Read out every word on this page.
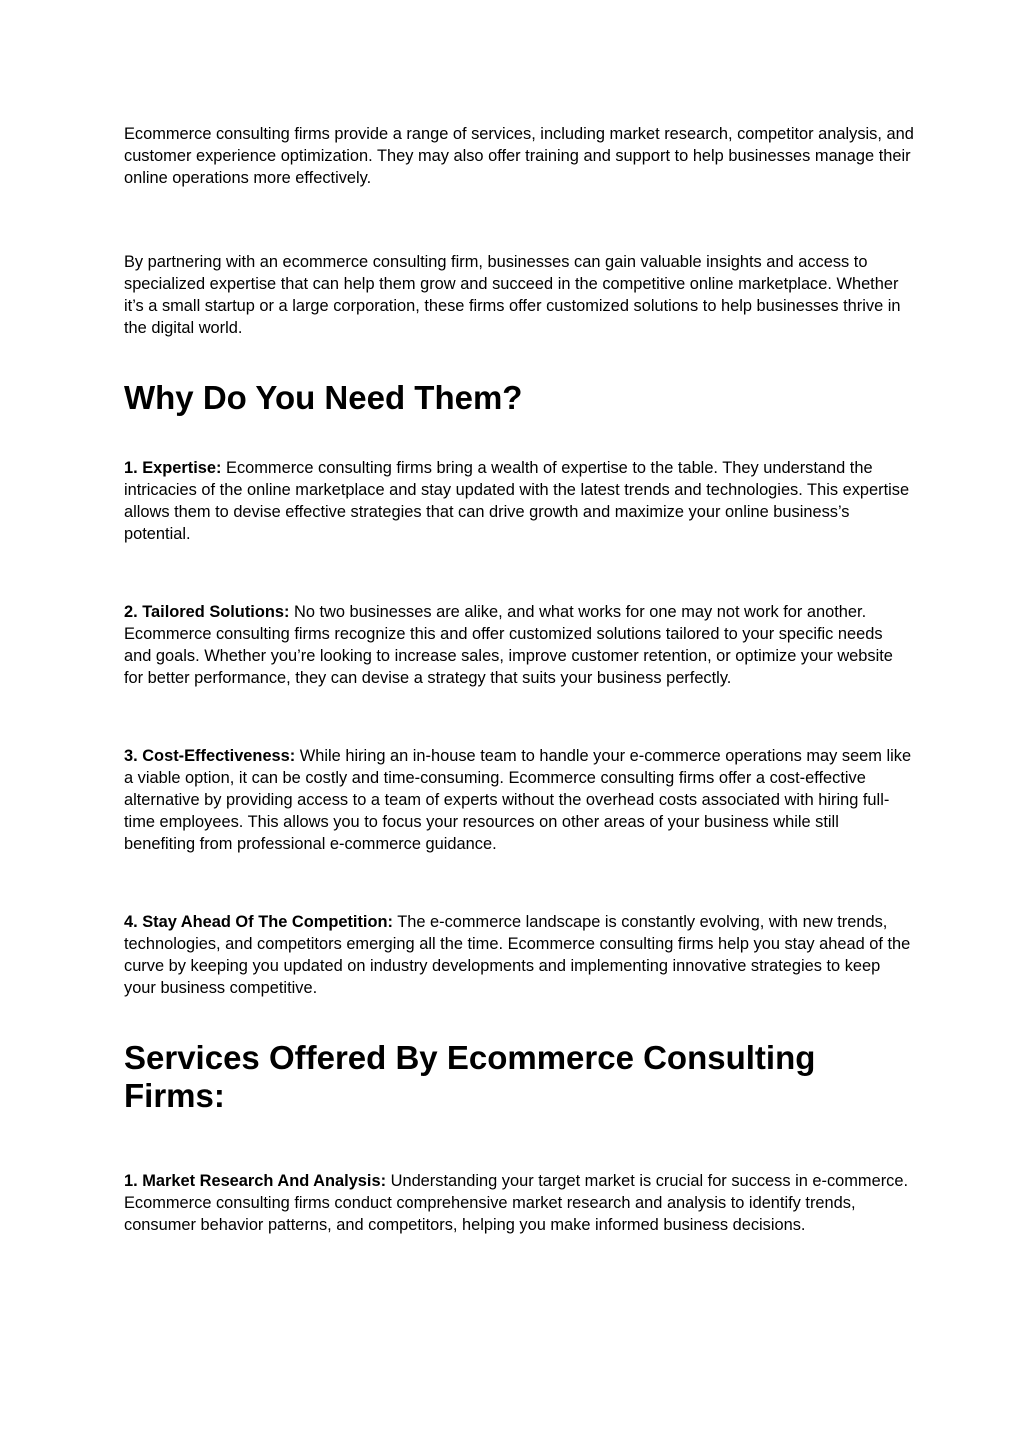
Ecommerce consulting firms provide a range of services, including market research, competitor analysis, and customer experience optimization. They may also offer training and support to help businesses manage their online operations more effectively.

By partnering with an ecommerce consulting firm, businesses can gain valuable insights and access to specialized expertise that can help them grow and succeed in the competitive online marketplace. Whether it’s a small startup or a large corporation, these firms offer customized solutions to help businesses thrive in the digital world.

Why Do You Need Them?

1. Expertise: Ecommerce consulting firms bring a wealth of expertise to the table. They understand the intricacies of the online marketplace and stay updated with the latest trends and technologies. This expertise allows them to devise effective strategies that can drive growth and maximize your online business’s potential.

2. Tailored Solutions: No two businesses are alike, and what works for one may not work for another. Ecommerce consulting firms recognize this and offer customized solutions tailored to your specific needs and goals. Whether you’re looking to increase sales, improve customer retention, or optimize your website for better performance, they can devise a strategy that suits your business perfectly.

3. Cost-Effectiveness: While hiring an in-house team to handle your e-commerce operations may seem like a viable option, it can be costly and time-consuming. Ecommerce consulting firms offer a cost-effective alternative by providing access to a team of experts without the overhead costs associated with hiring full-time employees. This allows you to focus your resources on other areas of your business while still benefiting from professional e-commerce guidance.

4. Stay Ahead Of The Competition: The e-commerce landscape is constantly evolving, with new trends, technologies, and competitors emerging all the time. Ecommerce consulting firms help you stay ahead of the curve by keeping you updated on industry developments and implementing innovative strategies to keep your business competitive.

Services Offered By Ecommerce Consulting Firms:

1. Market Research And Analysis: Understanding your target market is crucial for success in e-commerce. Ecommerce consulting firms conduct comprehensive market research and analysis to identify trends, consumer behavior patterns, and competitors, helping you make informed business decisions.
